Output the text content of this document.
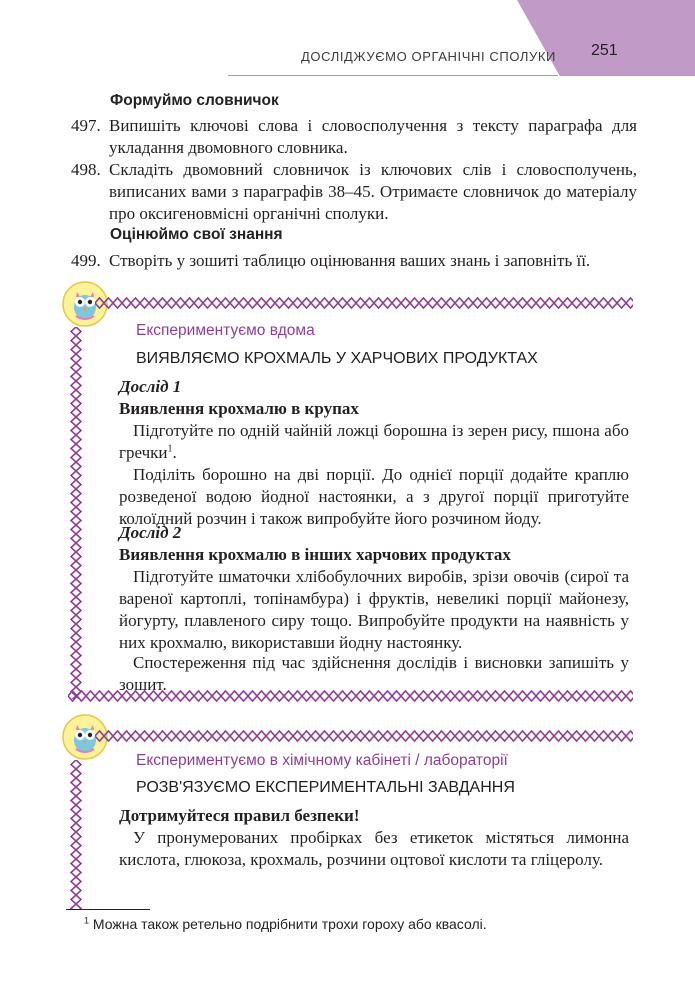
ДОСЛІДЖУЄМО ОРГАНІЧНІ СПОЛУКИ 251
Формуймо словничок
497. Випишіть ключові слова і словосполучення з тексту параграфа для укладання двомовного словника.
498. Складіть двомовний словничок із ключових слів і словосполучень, виписаних вами з параграфів 38–45. Отримаєте словничок до матеріалу про оксигеновмісні органічні сполуки.
Оцінюймо свої знання
499. Створіть у зошиті таблицю оцінювання ваших знань і заповніть її.
Експериментуємо вдома
ВИЯВЛЯЄМО КРОХМАЛЬ У ХАРЧОВИХ ПРОДУКТАХ

Дослід 1

Виявлення крохмалю в крупах

Підготуйте по одній чайній ложці борошна із зерен рису, пшона або гречки$^1$.

Поділіть борошно на дві порції. До однієї порції додайте краплю розведеної водою йодної настоянки, а з другої порції приготуйте колоїдний розчин і також випробуйте його розчином йоду.

Дослід 2

Виявлення крохмалю в інших харчових продуктах

Підготуйте шматочки хлібобулочних виробів, зрізи овочів (сирої та вареної картоплі, топінамбура) і фруктів, невеликі порції майонезу, йогурту, плавленого сиру тощо. Випробуйте продукти на наявність у них крохмалю, використавши йодну настоянку.

Спостереження під час здійснення дослідів і висновки запишіть у зошит.

Експериментуємо в хімічному кабінеті / лабораторії
РОЗВ'ЯЗУЄМО ЕКСПЕРИМЕНТАЛЬНІ ЗАВДАННЯ

Дотримуйтеся правил безпеки!

У пронумерованих пробірках без етикеток містяться лимонна кислота, глюкоза, крохмаль, розчини оцтової кислоти та гліцеролу.

$^1$ Можна також ретельно подрібнити трохи гороху або квасолі.
